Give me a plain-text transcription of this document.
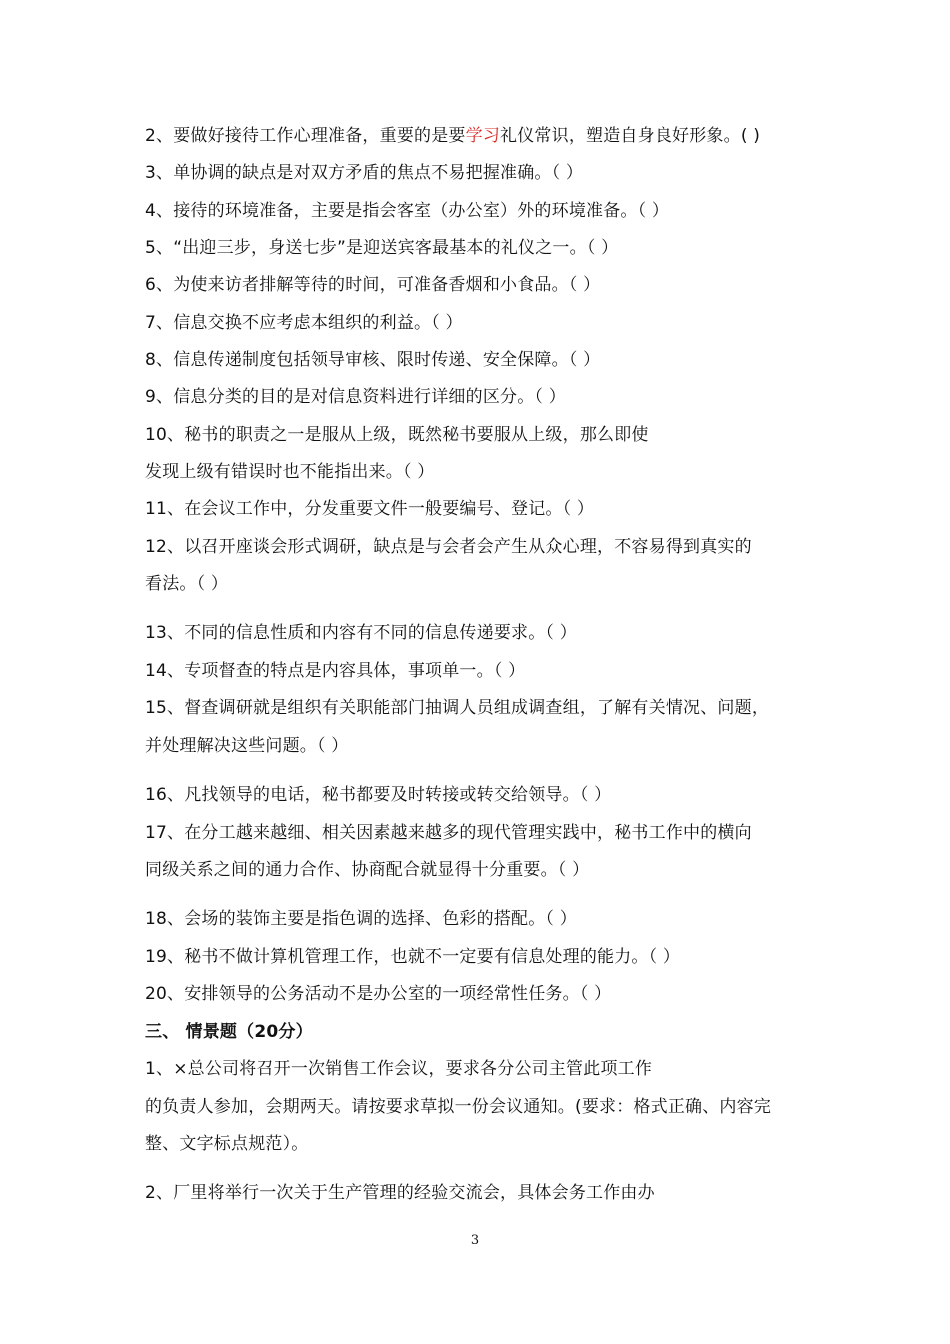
2、要做好接待工作心理准备，重要的是要学习礼仪常识，塑造自身良好形象。( )
3、单协调的缺点是对双方矛盾的焦点不易把握准确。（ ）
4、接待的环境准备，主要是指会客室（办公室）外的环境准备。（ ）
5、“出迎三步，身送七步”是迎送宾客最基本的礼仪之一。（ ）
6、为使来访者排解等待的时间，可准备香烟和小食品。（ ）
7、信息交换不应考虑本组织的利益。（ ）
8、信息传递制度包括领导审核、限时传递、安全保障。（ ）
9、信息分类的目的是对信息资料进行详细的区分。（ ）
10、秘书的职责之一是服从上级，既然秘书要服从上级，那么即使
发现上级有错误时也不能指出来。（ ）
11、在会议工作中，分发重要文件一般要编号、登记。（ ）
12、以召开座谈会形式调研，缺点是与会者会产生从众心理，不容易得到真实的
看法。（ ）
13、不同的信息性质和内容有不同的信息传递要求。（ ）
14、专项督查的特点是内容具体，事项单一。（ ）
15、督查调研就是组织有关职能部门抽调人员组成调查组，了解有关情况、问题，
并处理解决这些问题。（ ）
16、凡找领导的电话，秘书都要及时转接或转交给领导。（ ）
17、在分工越来越细、相关因素越来越多的现代管理实践中，秘书工作中的横向
同级关系之间的通力合作、协商配合就显得十分重要。（ ）
18、会场的装饰主要是指色调的选择、色彩的搭配。（ ）
19、秘书不做计算机管理工作，也就不一定要有信息处理的能力。（ ）
20、安排领导的公务活动不是办公室的一项经常性任务。（ ）
三、 情景题（20分）
1、×总公司将召开一次销售工作会议，要求各分公司主管此项工作
的负责人参加，会期两天。请按要求草拟一份会议通知。(要求：格式正确、内容完
整、文字标点规范）。
2、厂里将举行一次关于生产管理的经验交流会，具体会务工作由办
3
